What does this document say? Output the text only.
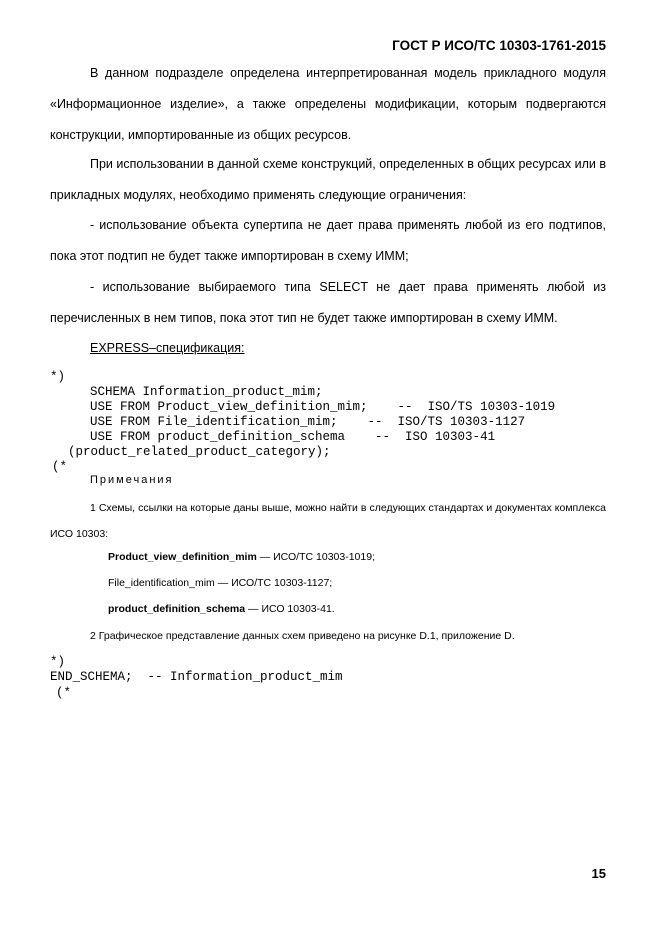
ГОСТ Р ИСО/ТС 10303-1761-2015
В данном подразделе определена интерпретированная модель прикладного модуля «Информационное изделие», а также определены модификации, которым подвергаются конструкции, импортированные из общих ресурсов.
При использовании в данной схеме конструкций, определенных в общих ресурсах или в прикладных модулях, необходимо применять следующие ограничения:
- использование объекта супертипа не дает права применять любой из его подтипов, пока этот подтип не будет также импортирован в схему ИММ;
- использование выбираемого типа SELECT не дает права применять любой из перечисленных в нем типов, пока этот тип не будет также импортирован в схему ИММ.
EXPRESS–спецификация:
*)
SCHEMA Information_product_mim;
USE FROM Product_view_definition_mim;    --  ISO/TS 10303-1019
USE FROM File_identification_mim;    --  ISO/TS 10303-1127
USE FROM product_definition_schema    --  ISO 10303-41
(product_related_product_category);
(*
Примечания
1 Схемы, ссылки на которые даны выше, можно найти в следующих стандартах и документах комплекса ИСО 10303:
Product_view_definition_mim — ИСО/ТС 10303-1019;
File_identification_mim — ИСО/ТС 10303-1127;
product_definition_schema — ИСО 10303-41.
2 Графическое представление данных схем приведено на рисунке D.1, приложение D.
*)
END_SCHEMA;  -- Information_product_mim
(*
15
